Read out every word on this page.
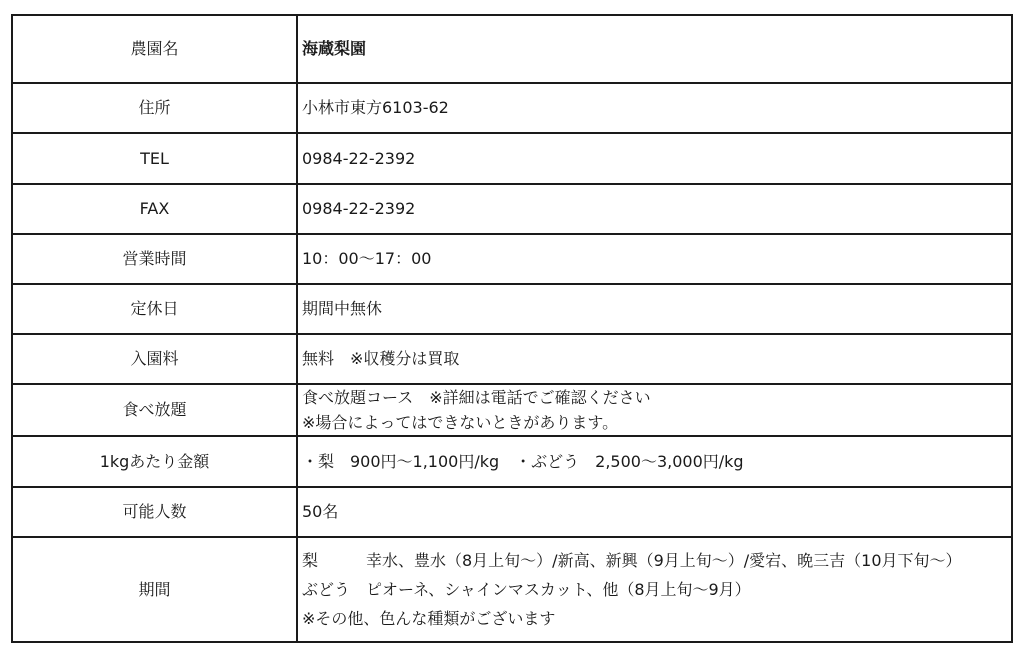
農園名	海蔵梨園
住所	小林市東方6103-62
TEL	0984-22-2392
FAX	0984-22-2392
営業時間	10：00～17：00
定休日	期間中無休
入園料	無料　※収穫分は買取
食べ放題	食べ放題コース　※詳細は電話でご確認ください
※場合によってはできないときがあります。

1kgあたり金額	・梨　900円～1,100円/kg　・ぶどう　2,500～3,000円/kg
可能人数	50名
期間	梨　　　幸水、豊水（8月上旬～）/新高、新興（9月上旬～）/愛宕、晩三吉（10月下旬～）
ぶどう　ピオーネ、シャインマスカット、他（8月上旬～9月）
※その他、色んな種類がございます
